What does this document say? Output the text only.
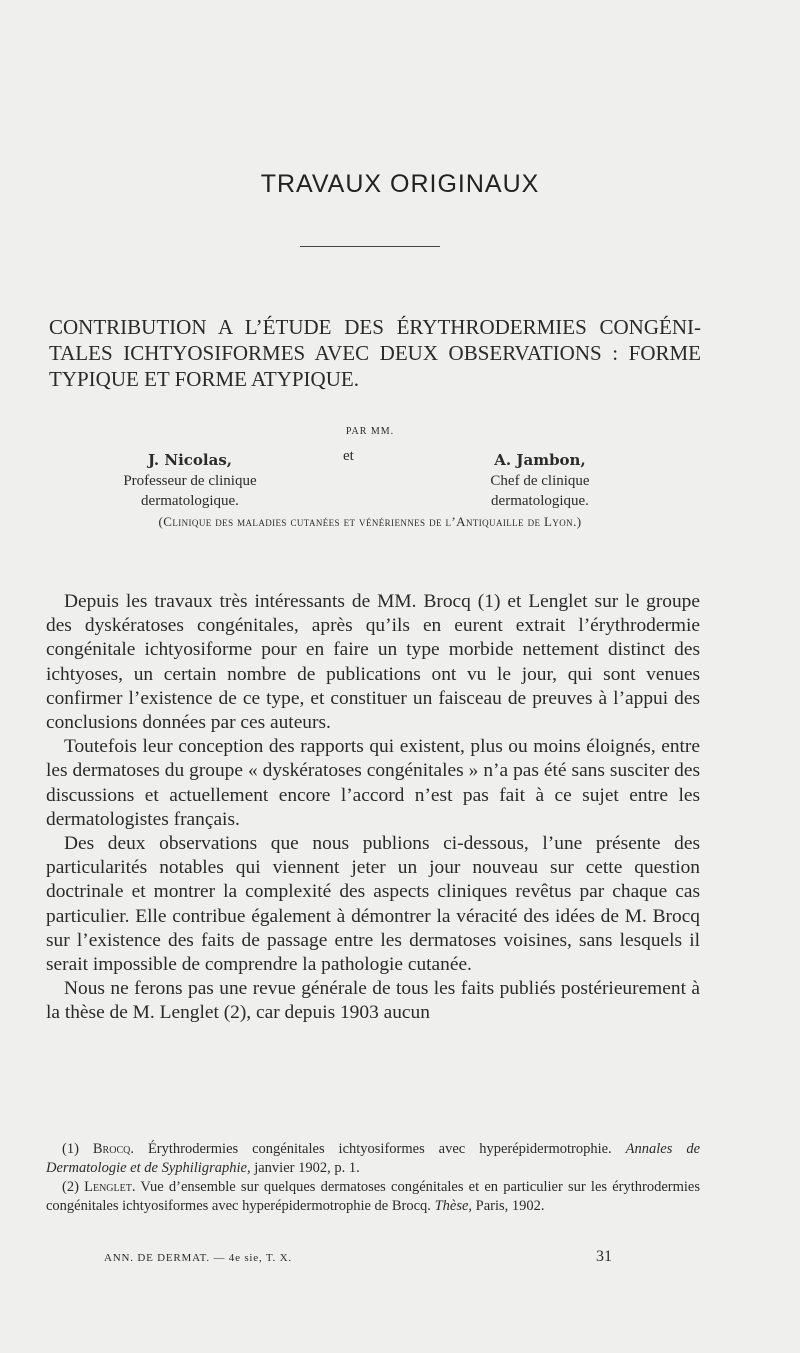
TRAVAUX ORIGINAUX
CONTRIBUTION A L’ÉTUDE DES ÉRYTHRODERMIES CONGÉNI-TALES ICHTYOSIFORMES AVEC DEUX OBSERVATIONS : FORME TYPIQUE ET FORME ATYPIQUE.
PAR MM.
J. Nicolas,
Professeur de clinique
dermatologique.
et	A. Jambon,
Chef de clinique
dermatologique.
(Clinique des maladies cutanées et vénériennes de l’Antiquaille de Lyon.)

Depuis les travaux très intéressants de MM. Brocq (1) et Lenglet sur le groupe des dyskératoses congénitales, après qu’ils en eurent extrait l’érythrodermie congénitale ichtyosiforme pour en faire un type morbide nettement distinct des ichtyoses, un certain nombre de publications ont vu le jour, qui sont venues confirmer l’existence de ce type, et constituer un faisceau de preuves à l’appui des conclusions données par ces auteurs.

Toutefois leur conception des rapports qui existent, plus ou moins éloignés, entre les dermatoses du groupe « dyskératoses congénitales » n’a pas été sans susciter des discussions et actuellement encore l’accord n’est pas fait à ce sujet entre les dermatologistes français.

Des deux observations que nous publions ci-dessous, l’une présente des particularités notables qui viennent jeter un jour nouveau sur cette question doctrinale et montrer la complexité des aspects cliniques revêtus par chaque cas particulier. Elle contribue également à démontrer la véracité des idées de M. Brocq sur l’existence des faits de passage entre les dermatoses voisines, sans lesquels il serait impossible de comprendre la pathologie cutanée.

Nous ne ferons pas une revue générale de tous les faits publiés postérieurement à la thèse de M. Lenglet (2), car depuis 1903 aucun

(1) Brocq. Érythrodermies congénitales ichtyosiformes avec hyperépidermotrophie. Annales de Dermatologie et de Syphiligraphie, janvier 1902, p. 1.

(2) Lenglet. Vue d’ensemble sur quelques dermatoses congénitales et en particulier sur les érythrodermies congénitales ichtyosiformes avec hyperépidermotrophie de Brocq. Thèse, Paris, 1902.

ANN. DE DERMAT. — 4e sie, T. X.	31
